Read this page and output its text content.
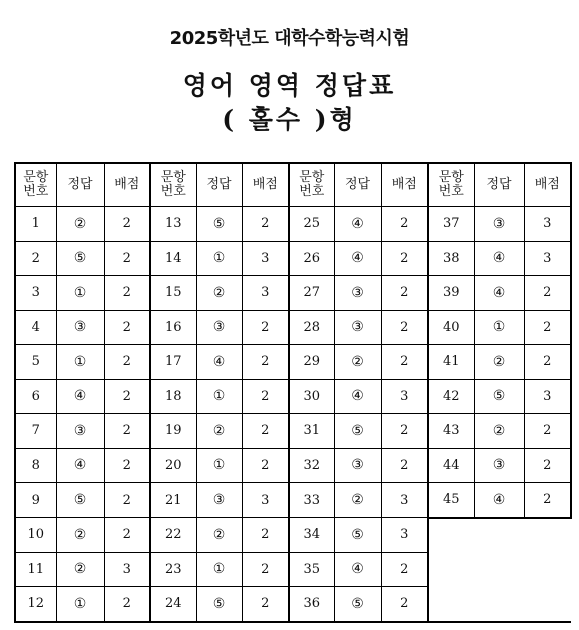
2025학년도 대학수학능력시험
영어 영역 정답표
( 홀수 )형
문항
번호	정답	배점	문항
번호	정답	배점	문항
번호	정답	배점	문항
번호	정답	배점
1	②	2	13	⑤	2	25	④	2	37	③	3
2	⑤	2	14	①	3	26	④	2	38	④	3
3	①	2	15	②	3	27	③	2	39	④	2
4	③	2	16	③	2	28	③	2	40	①	2
5	①	2	17	④	2	29	②	2	41	②	2
6	④	2	18	①	2	30	④	3	42	⑤	3
7	③	2	19	②	2	31	⑤	2	43	②	2
8	④	2	20	①	2	32	③	2	44	③	2
9	⑤	2	21	③	3	33	②	3	45	④	2
10	②	2	22	②	2	34	⑤	3			
11	②	3	23	①	2	35	④	2			
12	①	2	24	⑤	2	36	⑤	2			
